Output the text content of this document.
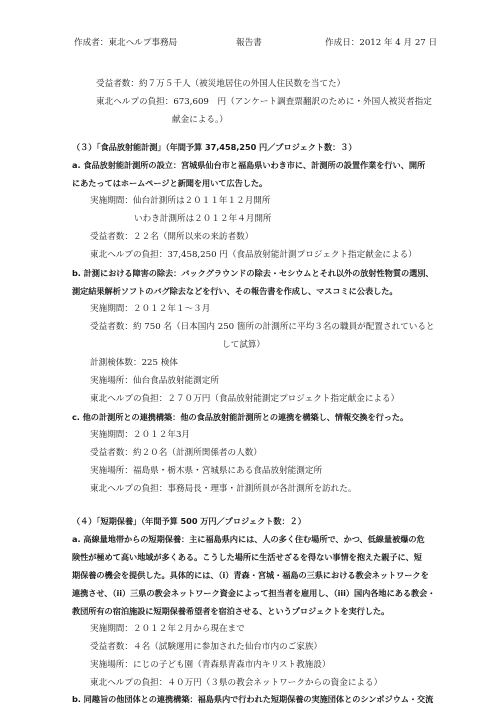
作成者：東北ヘルプ事務局	報告書	作成日：2012 年 4 月 27 日
受益者数：約７万５千人（被災地居住の外国人住民数を当てた）
東北ヘルプの負担：673,609　円（アンケート調査票翻訳のために・外国人被災者指定
献金による。）
（３）「食品放射能計測」（年間予算 37,458,250 円／プロジェクト数：３）
a. 食品放射能計測所の設立：宮城県仙台市と福島県いわき市に、計測所の設置作業を行い、開所
にあたってはホームページと新聞を用いて広告した。
実施期間：仙台計測所は２０１１年１２月開所
いわき計測所は２０１２年４月開所
受益者数：２２名（開所以来の来訪者数）
東北ヘルプの負担：37,458,250 円（食品放射能計測プロジェクト指定献金による）
b. 計測における障害の除去：バックグラウンドの除去・セシウムとそれ以外の放射性物質の選別、
測定結果解析ソフトのバグ除去などを行い、その報告書を作成し、マスコミに公表した。
実施期間：２０１２年１～３月
受益者数：約 750 名（日本国内 250 箇所の計測所に平均３名の職員が配置されていると
して試算）
計測検体数：225 検体
実施場所：仙台食品放射能測定所
東北ヘルプの負担：２７０万円（食品放射能測定プロジェクト指定献金による）
c. 他の計測所との連携構築：他の食品放射能計測所との連携を構築し、情報交換を行った。
実施期間：２０１２年3月
受益者数：約２０名（計測所関係者の人数）
実施場所：福島県・栃木県・宮城県にある食品放射能測定所
東北ヘルプの負担：事務局長・理事・計測所員が各計測所を訪れた。
（４）「短期保養」（年間予算 500 万円／プロジェクト数：２）
a. 高線量地帯からの短期保養：主に福島県内には、人の多く住む場所で、かつ、低線量被爆の危
険性が極めて高い地域が多くある。こうした場所に生活せざるを得ない事情を抱えた親子に、短
期保養の機会を提供した。具体的には、（i）青森・宮城・福島の三県における教会ネットワークを
連携させ、（ii）三県の教会ネットワーク資金によって担当者を雇用し、（iii）国内各地にある教会・
教団所有の宿泊施設に短期保養希望者を宿泊させる、というプロジェクトを実行した。
実施期間：２０１２年２月から現在まで
受益者数：４名（試験運用に参加された仙台市内のご家族）
実施場所：にじの子ども園（青森県青森市内キリスト教施設）
東北ヘルプの負担：４０万円（３県の教会ネットワークからの資金による）
b. 同趣旨の他団体との連携構築：福島県内で行われた短期保養の実施団体とのシンポジウム・交流
